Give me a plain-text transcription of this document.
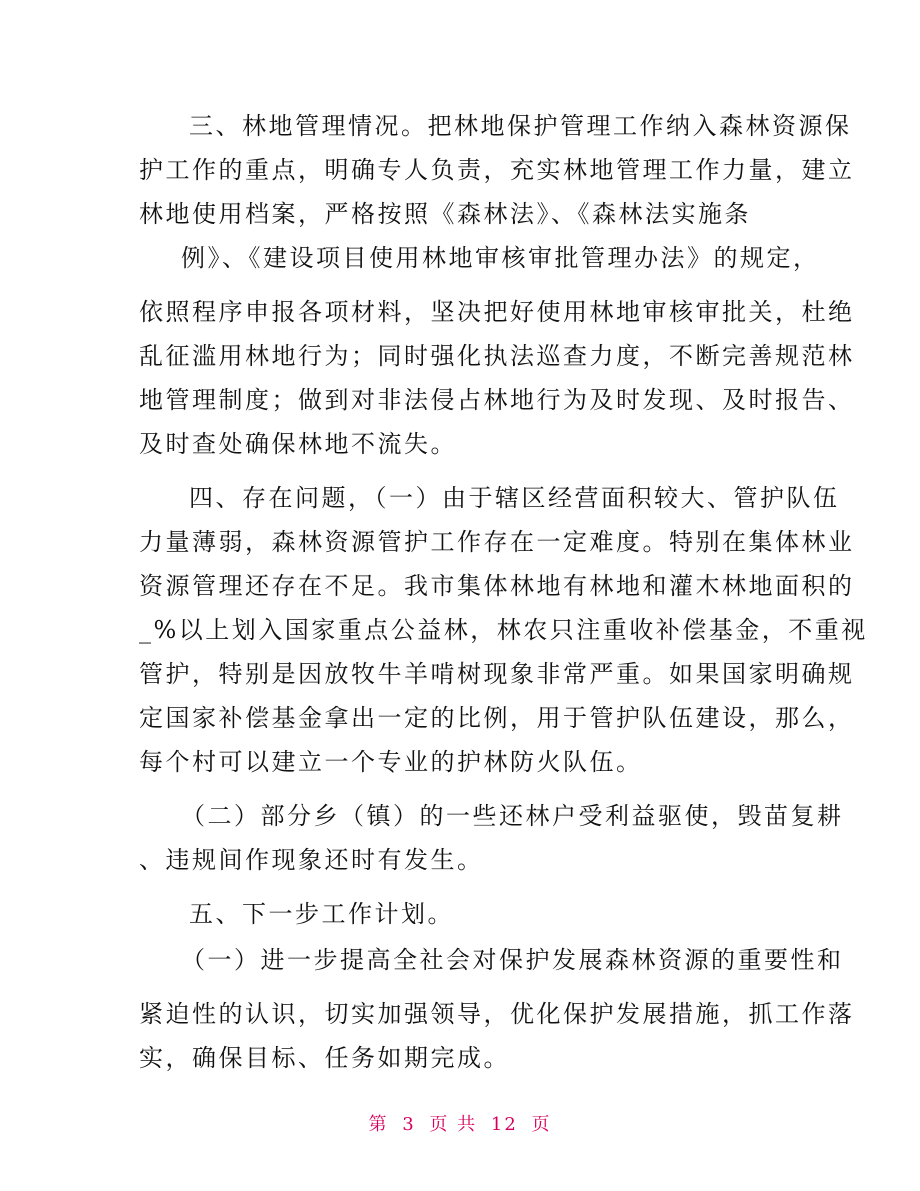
三、林地管理情况。把林地保护管理工作纳入森林资源保
护工作的重点，明确专人负责，充实林地管理工作力量，建立
林地使用档案，严格按照《森林法》、《森林法实施条
例》、《建设项目使用林地审核审批管理办法》的规定，
依照程序申报各项材料，坚决把好使用林地审核审批关，杜绝
乱征滥用林地行为；同时强化执法巡查力度，不断完善规范林
地管理制度；做到对非法侵占林地行为及时发现、及时报告、
及时查处确保林地不流失。
四、存在问题，（一）由于辖区经营面积较大、管护队伍
力量薄弱，森林资源管护工作存在一定难度。特别在集体林业
资源管理还存在不足。我市集体林地有林地和灌木林地面积的
_%以上划入国家重点公益林，林农只注重收补偿基金，不重视
管护，特别是因放牧牛羊啃树现象非常严重。如果国家明确规
定国家补偿基金拿出一定的比例，用于管护队伍建设，那么，
每个村可以建立一个专业的护林防火队伍。
（二）部分乡（镇）的一些还林户受利益驱使，毁苗复耕
、违规间作现象还时有发生。
五、下一步工作计划。
（一）进一步提高全社会对保护发展森林资源的重要性和
紧迫性的认识，切实加强领导，优化保护发展措施，抓工作落
实，确保目标、任务如期完成。
第 3 页 共 12 页
